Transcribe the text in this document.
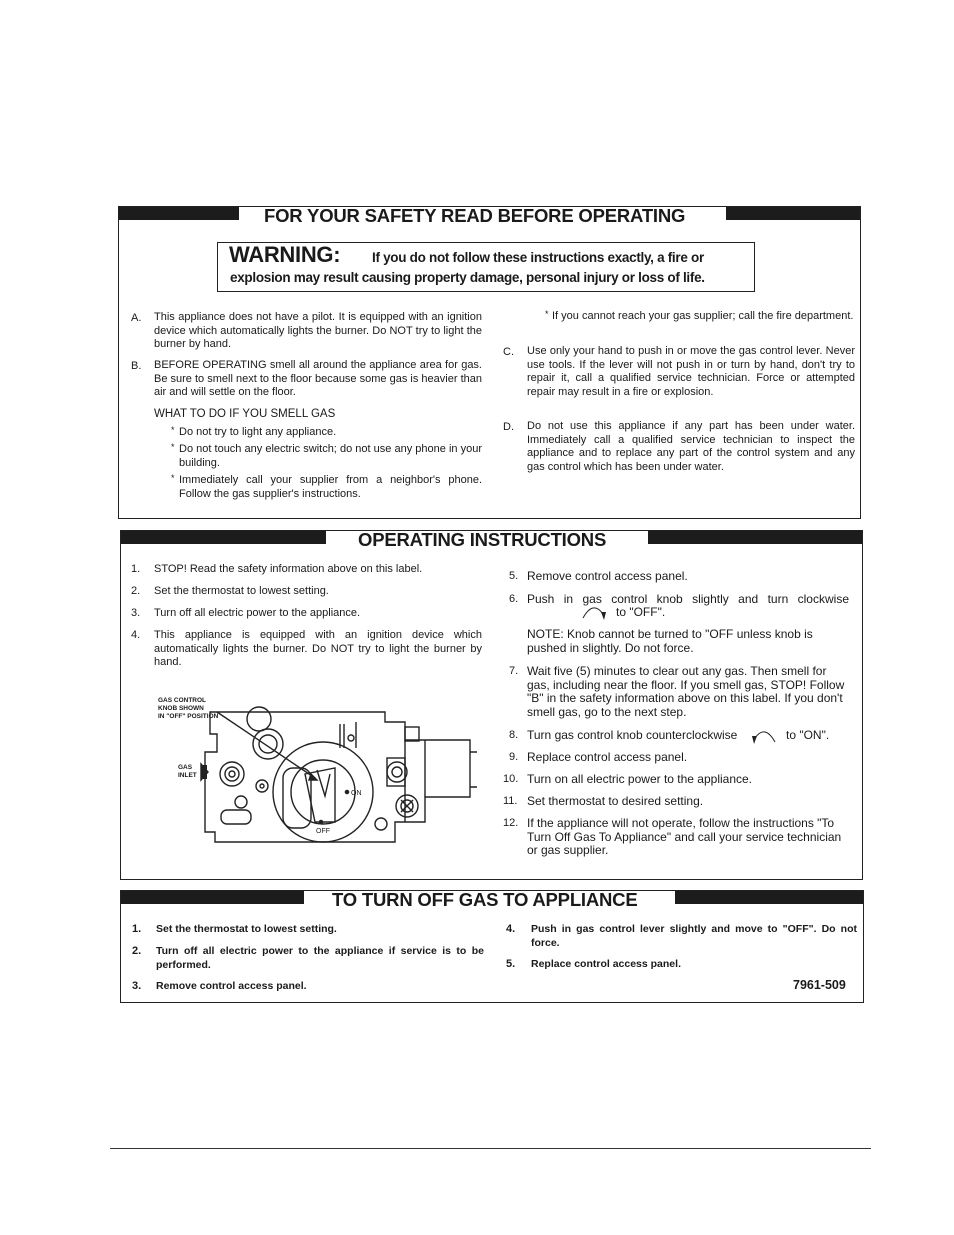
FOR YOUR SAFETY READ BEFORE OPERATING
WARNING: If you do not follow these instructions exactly, a fire or
explosion may result causing property damage, personal injury or loss of life.
A. This appliance does not have a pilot. It is equipped with an ignition device which automatically lights the burner. Do NOT try to light the burner by hand.
B. BEFORE OPERATING smell all around the appliance area for gas. Be sure to smell next to the floor because some gas is heavier than air and will settle on the floor.
WHAT TO DO IF YOU SMELL GAS
* Do not try to light any appliance.
* Do not touch any electric switch; do not use any phone in your building.
* Immediately call your supplier from a neighbor's phone. Follow the gas supplier's instructions.
* If you cannot reach your gas supplier; call the fire department.
C. Use only your hand to push in or move the gas control lever. Never use tools. If the lever will not push in or turn by hand, don't try to repair it, call a qualified service technician. Force or attempted repair may result in a fire or explosion.
D. Do not use this appliance if any part has been under water. Immediately call a qualified service technician to inspect the appliance and to replace any part of the control system and any gas control which has been under water.
OPERATING INSTRUCTIONS
1. STOP! Read the safety information above on this label.
2. Set the thermostat to lowest setting.
3. Turn off all electric power to the appliance.
4. This appliance is equipped with an ignition device which automatically lights the burner. Do NOT try to light the burner by hand.
GAS CONTROL
KNOB SHOWN
IN "OFF" POSITION
GAS
INLET
ON
OFF
5. Remove control access panel.
6. Push in gas control knob slightly and turn clockwise
to "OFF".
NOTE: Knob cannot be turned to "OFF unless knob is pushed in slightly. Do not force.
7. Wait five (5) minutes to clear out any gas. Then smell for gas, including near the floor. If you smell gas, STOP! Follow "B" in the safety information above on this label. If you don't smell gas, go to the next step.
8. Turn gas control knob counterclockwise	to "ON".
9. Replace control access panel.
10. Turn on all electric power to the appliance.
11. Set thermostat to desired setting.
12. If the appliance will not operate, follow the instructions "To Turn Off Gas To Appliance" and call your service technician or gas supplier.
TO TURN OFF GAS TO APPLIANCE
1. Set the thermostat to lowest setting.
2. Turn off all electric power to the appliance if service is to be performed.
3. Remove control access panel.
4. Push in gas control lever slightly and move to "OFF". Do not force.
5. Replace control access panel.
7961-509
